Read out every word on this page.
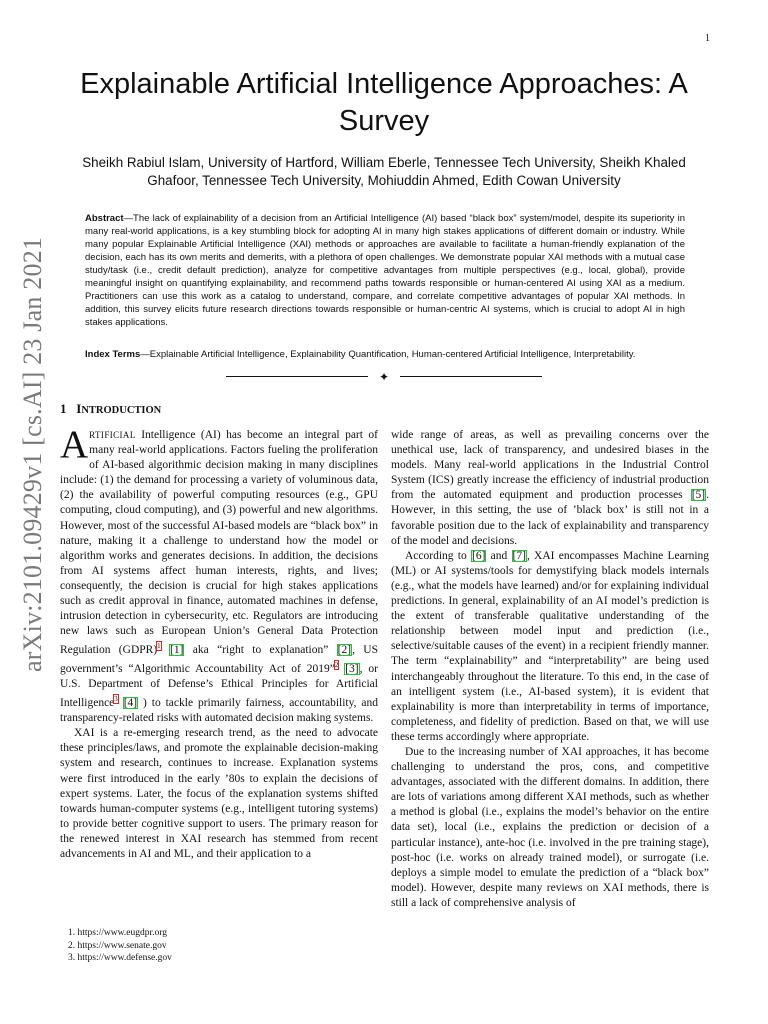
1
arXiv:2101.09429v1 [cs.AI] 23 Jan 2021
Explainable Artificial Intelligence Approaches: A Survey
Sheikh Rabiul Islam, University of Hartford, William Eberle, Tennessee Tech University, Sheikh Khaled Ghafoor, Tennessee Tech University, Mohiuddin Ahmed, Edith Cowan University
Abstract—The lack of explainability of a decision from an Artificial Intelligence (AI) based “black box” system/model, despite its superiority in many real-world applications, is a key stumbling block for adopting AI in many high stakes applications of different domain or industry. While many popular Explainable Artificial Intelligence (XAI) methods or approaches are available to facilitate a human-friendly explanation of the decision, each has its own merits and demerits, with a plethora of open challenges. We demonstrate popular XAI methods with a mutual case study/task (i.e., credit default prediction), analyze for competitive advantages from multiple perspectives (e.g., local, global), provide meaningful insight on quantifying explainability, and recommend paths towards responsible or human-centered AI using XAI as a medium. Practitioners can use this work as a catalog to understand, compare, and correlate competitive advantages of popular XAI methods. In addition, this survey elicits future research directions towards responsible or human-centric AI systems, which is crucial to adopt AI in high stakes applications.
Index Terms—Explainable Artificial Intelligence, Explainability Quantification, Human-centered Artificial Intelligence, Interpretability.
✦
1 INTRODUCTION

ARTIFICIAL Intelligence (AI) has become an integral part of many real-world applications. Factors fueling the proliferation of AI-based algorithmic decision making in many disciplines include: (1) the demand for processing a variety of voluminous data, (2) the availability of powerful computing resources (e.g., GPU computing, cloud computing), and (3) powerful and new algorithms. However, most of the successful AI-based models are “black box” in nature, making it a challenge to understand how the model or algorithm works and generates decisions. In addition, the decisions from AI systems affect human interests, rights, and lives; consequently, the decision is crucial for high stakes applications such as credit approval in finance, automated machines in defense, intrusion detection in cybersecurity, etc. Regulators are introducing new laws such as European Union’s General Data Protection Regulation (GDPR)$^1$ [1] aka “right to explanation” [2], US government’s “Algorithmic Accountability Act of 2019”$^2$ [3], or U.S. Department of Defense’s Ethical Principles for Artificial Intelligence$^3$ [4] ) to tackle primarily fairness, accountability, and transparency-related risks with automated decision making systems.

XAI is a re-emerging research trend, as the need to advocate these principles/laws, and promote the explainable decision-making system and research, continues to increase. Explanation systems were first introduced in the early ’80s to explain the decisions of expert systems. Later, the focus of the explanation systems shifted towards human-computer systems (e.g., intelligent tutoring systems) to provide better cognitive support to users. The primary reason for the renewed interest in XAI research has stemmed from recent advancements in AI and ML, and their application to a

wide range of areas, as well as prevailing concerns over the unethical use, lack of transparency, and undesired biases in the models. Many real-world applications in the Industrial Control System (ICS) greatly increase the efficiency of industrial production from the automated equipment and production processes [5]. However, in this setting, the use of ’black box’ is still not in a favorable position due to the lack of explainability and transparency of the model and decisions.

According to [6] and [7], XAI encompasses Machine Learning (ML) or AI systems/tools for demystifying black models internals (e.g., what the models have learned) and/or for explaining individual predictions. In general, explainability of an AI model’s prediction is the extent of transferable qualitative understanding of the relationship between model input and prediction (i.e., selective/suitable causes of the event) in a recipient friendly manner. The term “explainability” and “interpretability” are being used interchangeably throughout the literature. To this end, in the case of an intelligent system (i.e., AI-based system), it is evident that explainability is more than interpretability in terms of importance, completeness, and fidelity of prediction. Based on that, we will use these terms accordingly where appropriate.

Due to the increasing number of XAI approaches, it has become challenging to understand the pros, cons, and competitive advantages, associated with the different domains. In addition, there are lots of variations among different XAI methods, such as whether a method is global (i.e., explains the model’s behavior on the entire data set), local (i.e., explains the prediction or decision of a particular instance), ante-hoc (i.e. involved in the pre training stage), post-hoc (i.e. works on already trained model), or surrogate (i.e. deploys a simple model to emulate the prediction of a “black box” model). However, despite many reviews on XAI methods, there is still a lack of comprehensive analysis of

1. https://www.eugdpr.org
2. https://www.senate.gov
3. https://www.defense.gov
